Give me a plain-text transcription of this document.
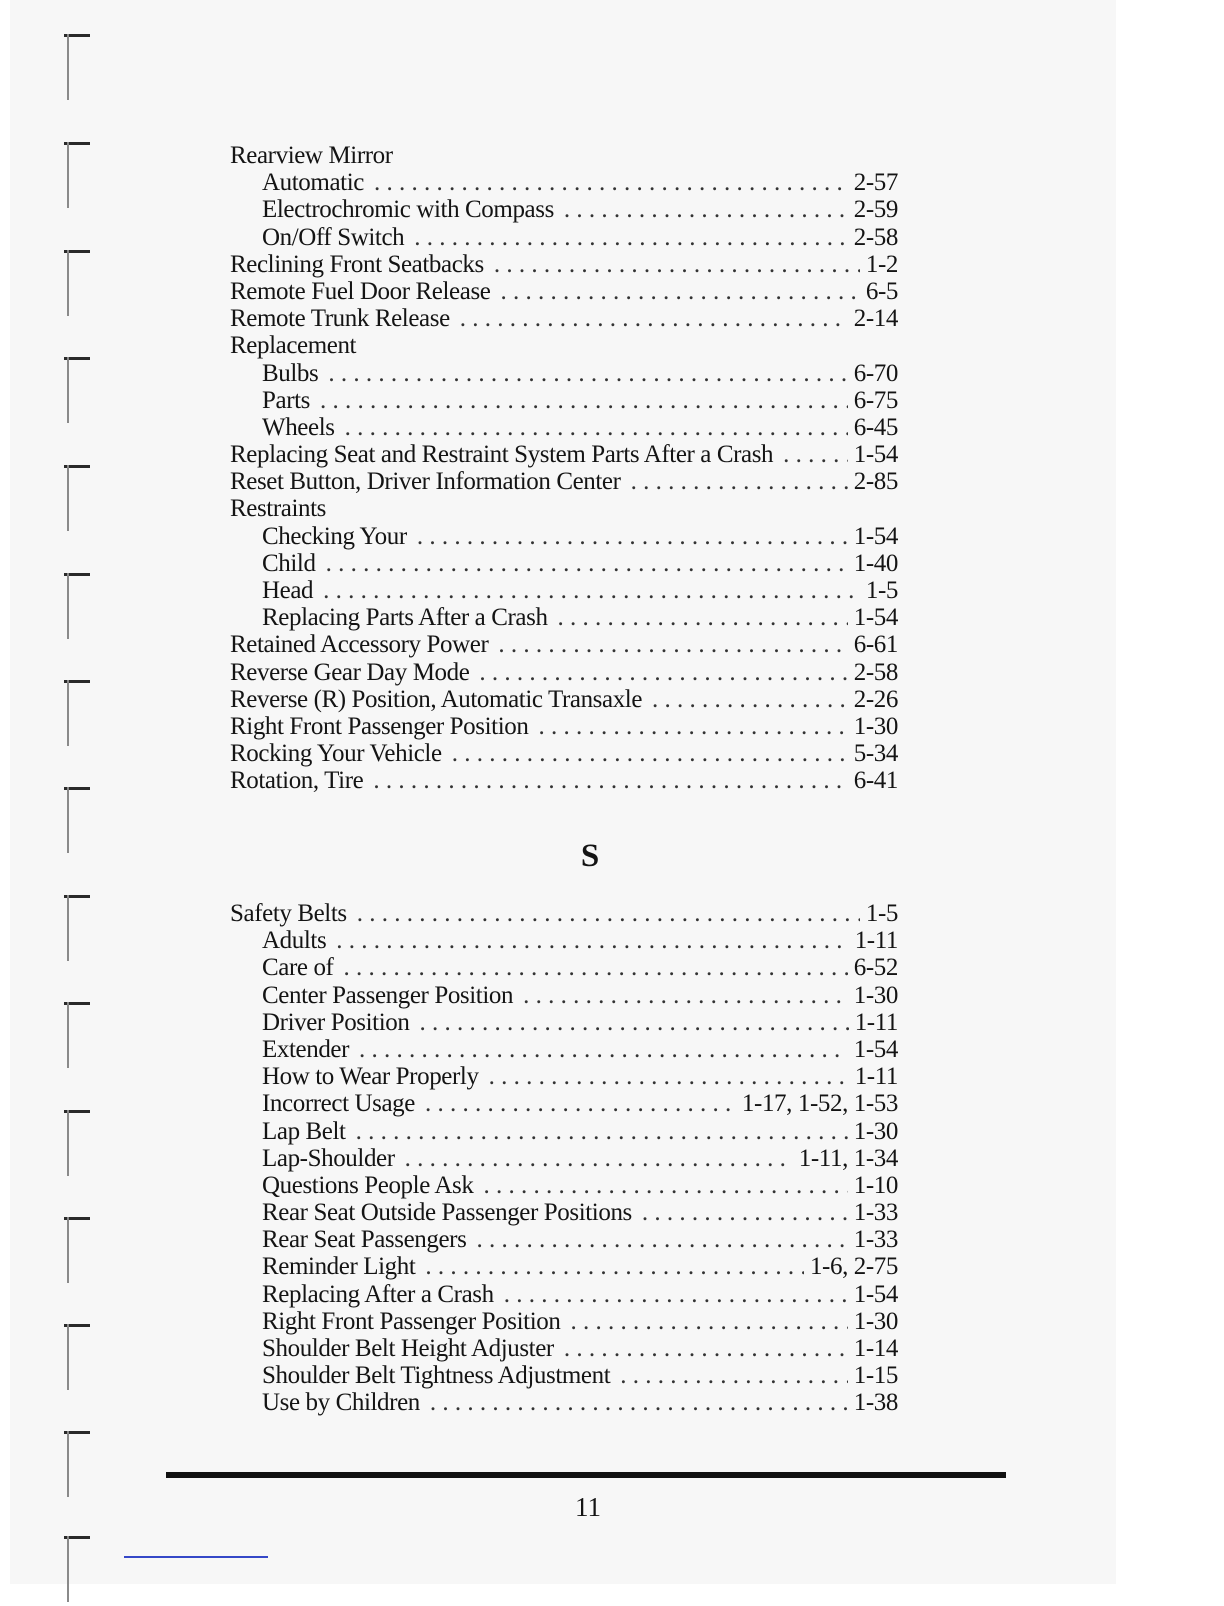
Rearview Mirror
Automatic . . .	2-57
Electrochromic with Compass . . .	2-59
On/Off Switch . . .	2-58
Reclining Front Seatbacks . . .	1-2
Remote Fuel Door Release . . .	6-5
Remote Trunk Release . . .	2-14
Replacement
Bulbs . . .	6-70
Parts . . .	6-75
Wheels . . .	6-45
Replacing Seat and Restraint System Parts After a Crash . . .	1-54
Reset Button, Driver Information Center . . .	2-85
Restraints
Checking Your . . .	1-54
Child . . .	1-40
Head . . .	1-5
Replacing Parts After a Crash . . .	1-54
Retained Accessory Power . . .	6-61
Reverse Gear Day Mode . . .	2-58
Reverse (R) Position, Automatic Transaxle . . .	2-26
Right Front Passenger Position . . .	1-30
Rocking Your Vehicle . . .	5-34
Rotation, Tire . . .	6-41
S
Safety Belts . . .	1-5
Adults . . .	1-11
Care of . . .	6-52
Center Passenger Position . . .	1-30
Driver Position . . .	1-11
Extender . . .	1-54
How to Wear Properly . . .	1-11
Incorrect Usage . . .	1-17, 1-52, 1-53
Lap Belt . . .	1-30
Lap-Shoulder . . .	1-11, 1-34
Questions People Ask . . .	1-10
Rear Seat Outside Passenger Positions . . .	1-33
Rear Seat Passengers . . .	1-33
Reminder Light . . .	1-6, 2-75
Replacing After a Crash . . .	1-54
Right Front Passenger Position . . .	1-30
Shoulder Belt Height Adjuster . . .	1-14
Shoulder Belt Tightness Adjustment . . .	1-15
Use by Children . . .	1-38
11
